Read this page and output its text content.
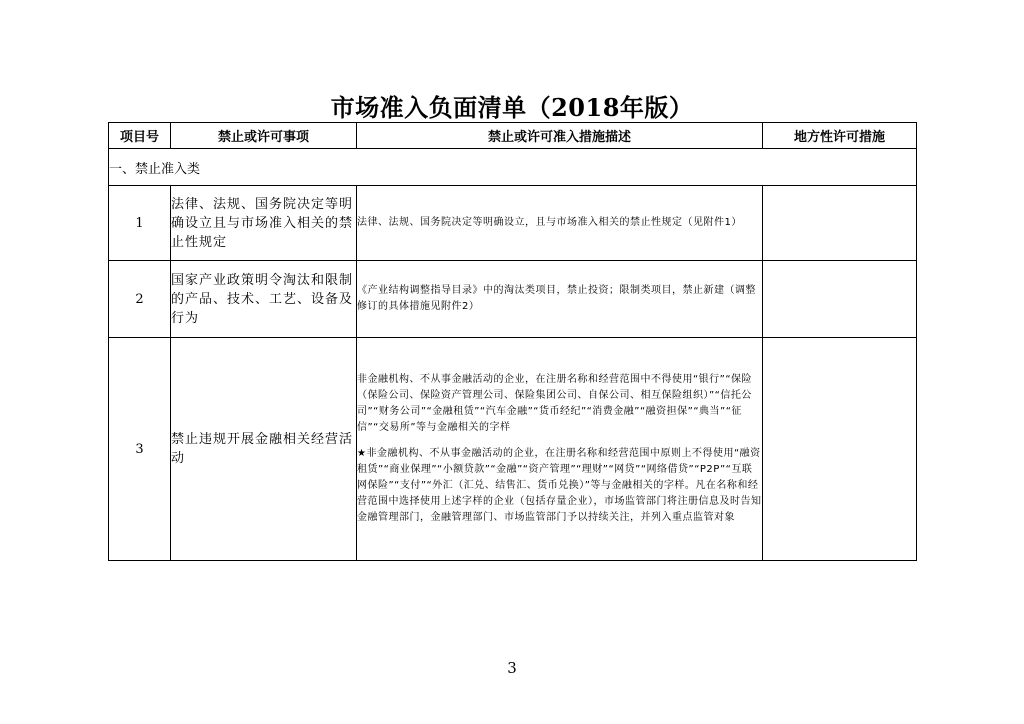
市场准入负面清单（2018年版）
项目号	禁止或许可事项	禁止或许可准入措施描述	地方性许可措施
一、禁止准入类			
1	法律、法规、国务院决定等明确设立且与市场准入相关的禁止性规定	法律、法规、国务院决定等明确设立，且与市场准入相关的禁止性规定（见附件1）	

2	国家产业政策明令淘汰和限制的产品、技术、工艺、设备及行为	《产业结构调整指导目录》中的淘汰类项目，禁止投资；限制类项目，禁止新建（调整修订的具体措施见附件2）	

3	禁止违规开展金融相关经营活动	非金融机构、不从事金融活动的企业，在注册名称和经营范围中不得使用“银行”“保险（保险公司、保险资产管理公司、保险集团公司、自保公司、相互保险组织）”“信托公司”“财务公司”“金融租赁”“汽车金融”“货币经纪”“消费金融”“融资担保”“典当”“征信”“交易所”等与金融相关的字样

★非金融机构、不从事金融活动的企业，在注册名称和经营范围中原则上不得使用“融资租赁”“商业保理”“小额贷款”“金融”“资产管理”“理财”“网贷”“网络借贷”“P2P”“互联网保险”“支付”“外汇（汇兑、结售汇、货币兑换）”等与金融相关的字样。凡在名称和经营范围中选择使用上述字样的企业（包括存量企业），市场监管部门将注册信息及时告知金融管理部门，金融管理部门、市场监管部门予以持续关注，并列入重点监管对象	

3
